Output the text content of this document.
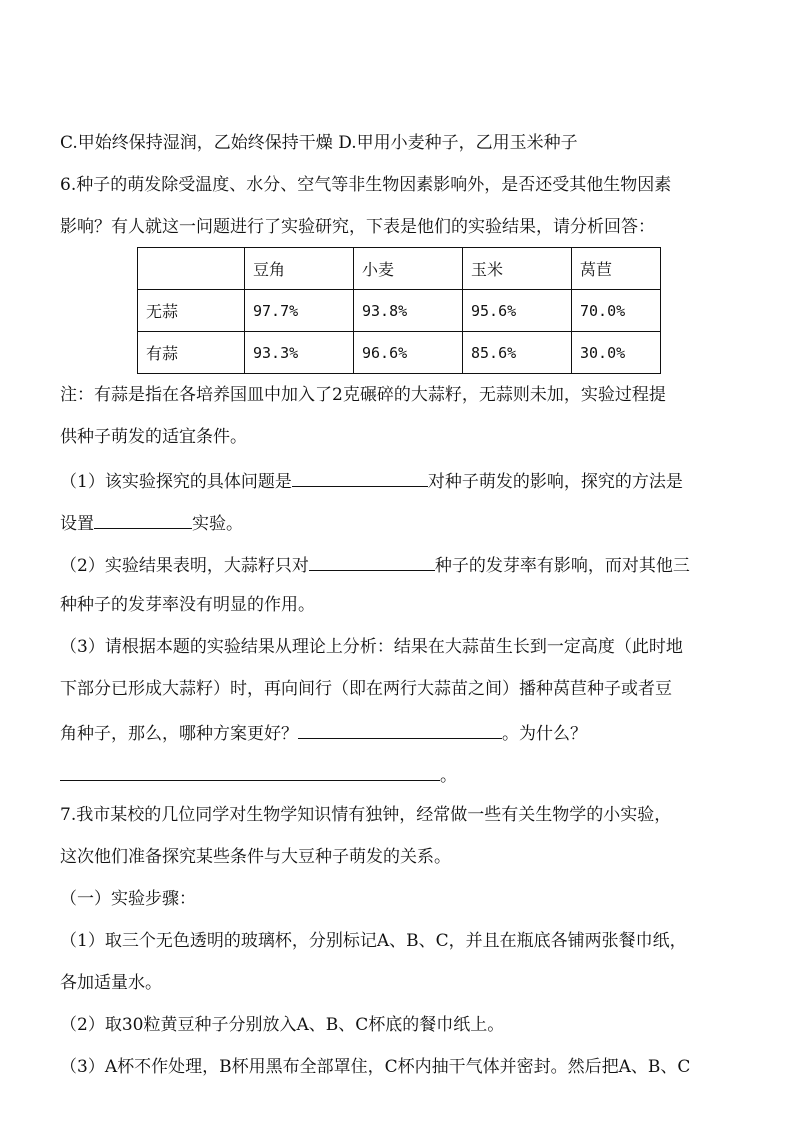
C.甲始终保持湿润，乙始终保持干燥 D.甲用小麦种子，乙用玉米种子
6.种子的萌发除受温度、水分、空气等非生物因素影响外，是否还受其他生物因素
影响？有人就这一问题进行了实验研究，下表是他们的实验结果，请分析回答：
	豆角	小麦	玉米	莴苣
无蒜	97.7%	93.8%	95.6%	70.0%
有蒜	93.3%	96.6%	85.6%	30.0%
注：有蒜是指在各培养国皿中加入了2克碾碎的大蒜籽，无蒜则未加，实验过程提
供种子萌发的适宜条件。
（1）该实验探究的具体问题是	对种子萌发的影响，探究的方法是
设置	实验。
（2）实验结果表明，大蒜籽只对	种子的发芽率有影响，而对其他三
种种子的发芽率没有明显的作用。
（3）请根据本题的实验结果从理论上分析：结果在大蒜苗生长到一定高度（此时地
下部分已形成大蒜籽）时，再向间行（即在两行大蒜苗之间）播种莴苣种子或者豆
角种子，那么，哪种方案更好？	。为什么？
。
7.我市某校的几位同学对生物学知识情有独钟，经常做一些有关生物学的小实验，
这次他们准备探究某些条件与大豆种子萌发的关系。
（一）实验步骤：
（1）取三个无色透明的玻璃杯，分别标记A、B、C，并且在瓶底各铺两张餐巾纸，
各加适量水。
（2）取30粒黄豆种子分别放入A、B、C杯底的餐巾纸上。
（3）A杯不作处理，B杯用黑布全部罩住，C杯内抽干气体并密封。然后把A、B、C
